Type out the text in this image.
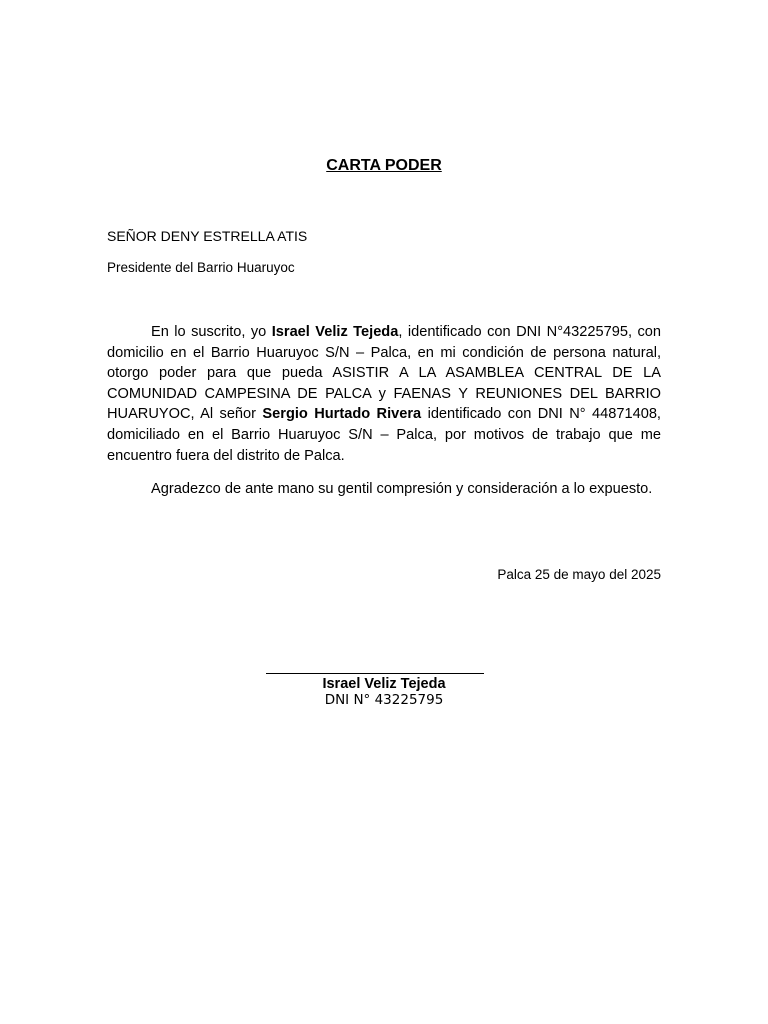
CARTA PODER
SEÑOR DENY ESTRELLA ATIS
Presidente del Barrio Huaruyoc

En lo suscrito, yo Israel Veliz Tejeda, identificado con DNI N°43225795, con domicilio en el Barrio Huaruyoc S/N – Palca, en mi condición de persona natural, otorgo poder para que pueda ASISTIR A LA ASAMBLEA CENTRAL DE LA COMUNIDAD CAMPESINA DE PALCA y FAENAS Y REUNIONES DEL BARRIO HUARUYOC, Al señor Sergio Hurtado Rivera identificado con DNI N° 44871408, domiciliado en el Barrio Huaruyoc S/N – Palca, por motivos de trabajo que me encuentro fuera del distrito de Palca.

Agradezco de ante mano su gentil compresión y consideración a lo expuesto.

Palca 25 de mayo del 2025
Israel Veliz Tejeda
DNI N° 43225795
